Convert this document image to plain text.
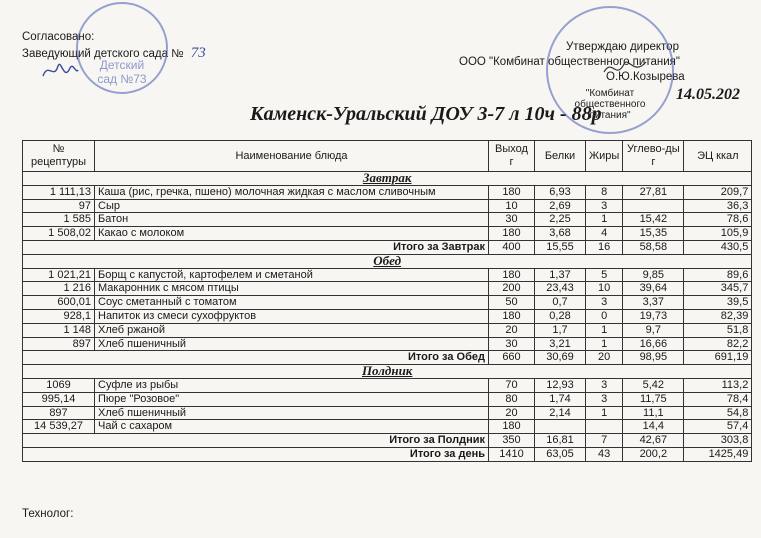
Согласовано:
Заведующий детского сада № 73	Утверждаю директор
ООО "Комбинат общественного питания"
О.Ю.Козырева
14.05.202
Каменск-Уральский ДОУ 3-7 л 10ч - 88р
Детский
сад №73
"Комбинат
общественного
питания"
№ рецептуры	Наименование блюда	Выход г	Белки	Жиры	Углево-ды г	ЭЦ ккал
Завтрак						
1 111,13	Каша (рис, гречка, пшено) молочная жидкая с маслом сливочным	180	6,93	8	27,81	209,7
97	Сыр	10	2,69	3		36,3
1 585	Батон	30	2,25	1	15,42	78,6
1 508,02	Какао с молоком	180	3,68	4	15,35	105,9
Итого за Завтрак		400	15,55	16	58,58	430,5
Обед						
1 021,21	Борщ с капустой, картофелем и сметаной	180	1,37	5	9,85	89,6
1 216	Макаронник с мясом птицы	200	23,43	10	39,64	345,7
600,01	Соус сметанный с томатом	50	0,7	3	3,37	39,5
928,1	Напиток из смеси сухофруктов	180	0,28	0	19,73	82,39
1 148	Хлеб ржаной	20	1,7	1	9,7	51,8
897	Хлеб пшеничный	30	3,21	1	16,66	82,2
Итого за Обед		660	30,69	20	98,95	691,19
Полдник						
1069	Суфле из рыбы	70	12,93	3	5,42	113,2
995,14	Пюре "Розовое"	80	1,74	3	11,75	78,4
897	Хлеб пшеничный	20	2,14	1	11,1	54,8
14 539,27	Чай с сахаром	180			14,4	57,4
Итого за Полдник		350	16,81	7	42,67	303,8
Итого за день		1410	63,05	43	200,2	1425,49
Технолог:
